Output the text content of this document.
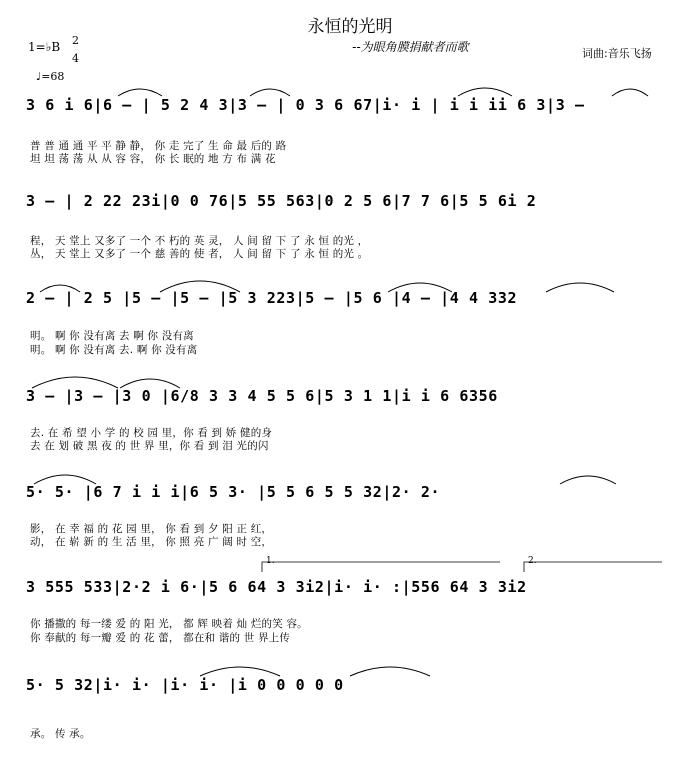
永恒的光明
--为眼角膜捐献者而歌	词曲:音乐飞扬
1=♭B 2
4
♩=68
3 6 i 6|6 – | 5 2 4 3|3 – | 0 3 6 67|i· i | i i ii 6 3|3 –
普 普 通 通 平 平 静 静， 你 走 完了 生 命 最 后的 路
坦 坦 荡 荡 从 从 容 容， 你 长 眠的 地 方 布 满 花
3 – | 2 22 23i|0 0 76|5 55 563|0 2 5 6|7 7 6|5 5 6i 2
程， 天 堂上 又多了 一个 不 朽的 英 灵， 人 间 留 下 了 永 恒 的光 ，
丛， 天 堂上 又多了 一个 慈 善的 使 者， 人 间 留 下 了 永 恒 的光 。
2 – | 2 5 |5 – |5 – |5 3 223|5 – |5 6 |4 – |4 4 332
明。 啊 你 没有离 去 啊 你 没有离
明。 啊 你 没有离 去. 啊 你 没有离
3 – |3 – |3 0 |6/8 3 3 4 5 5 6|5 3 1 1|i i 6 6356
去. 在 希 望 小 学 的 校 园 里，你 看 到 娇 健的身
去 在 划 破 黑 夜 的 世 界 里，你 看 到 泪 光的闪
5· 5· |6 7 i i i|6 5 3· |5 5 6 5 5 32|2· 2·
影， 在 幸 福 的 花 园 里， 你 看 到 夕 阳 正 红，
动， 在 崭 新 的 生 活 里， 你 照 亮 广 阔 时 空，
1.	2.
3 555 533|2·2 i 6·|5 6 64 3 3i2|i· i· :|556 64 3 3i2
你 播撒的 每一缕 爱 的 阳 光， 都 辉 映着 灿 烂的笑 容。
你 奉献的 每一瓣 爱 的 花 蕾， 都在和 谐的 世 界上传
5· 5 32|i· i· |i· i· |i 0 0 0 0 0
承。 传 承。
